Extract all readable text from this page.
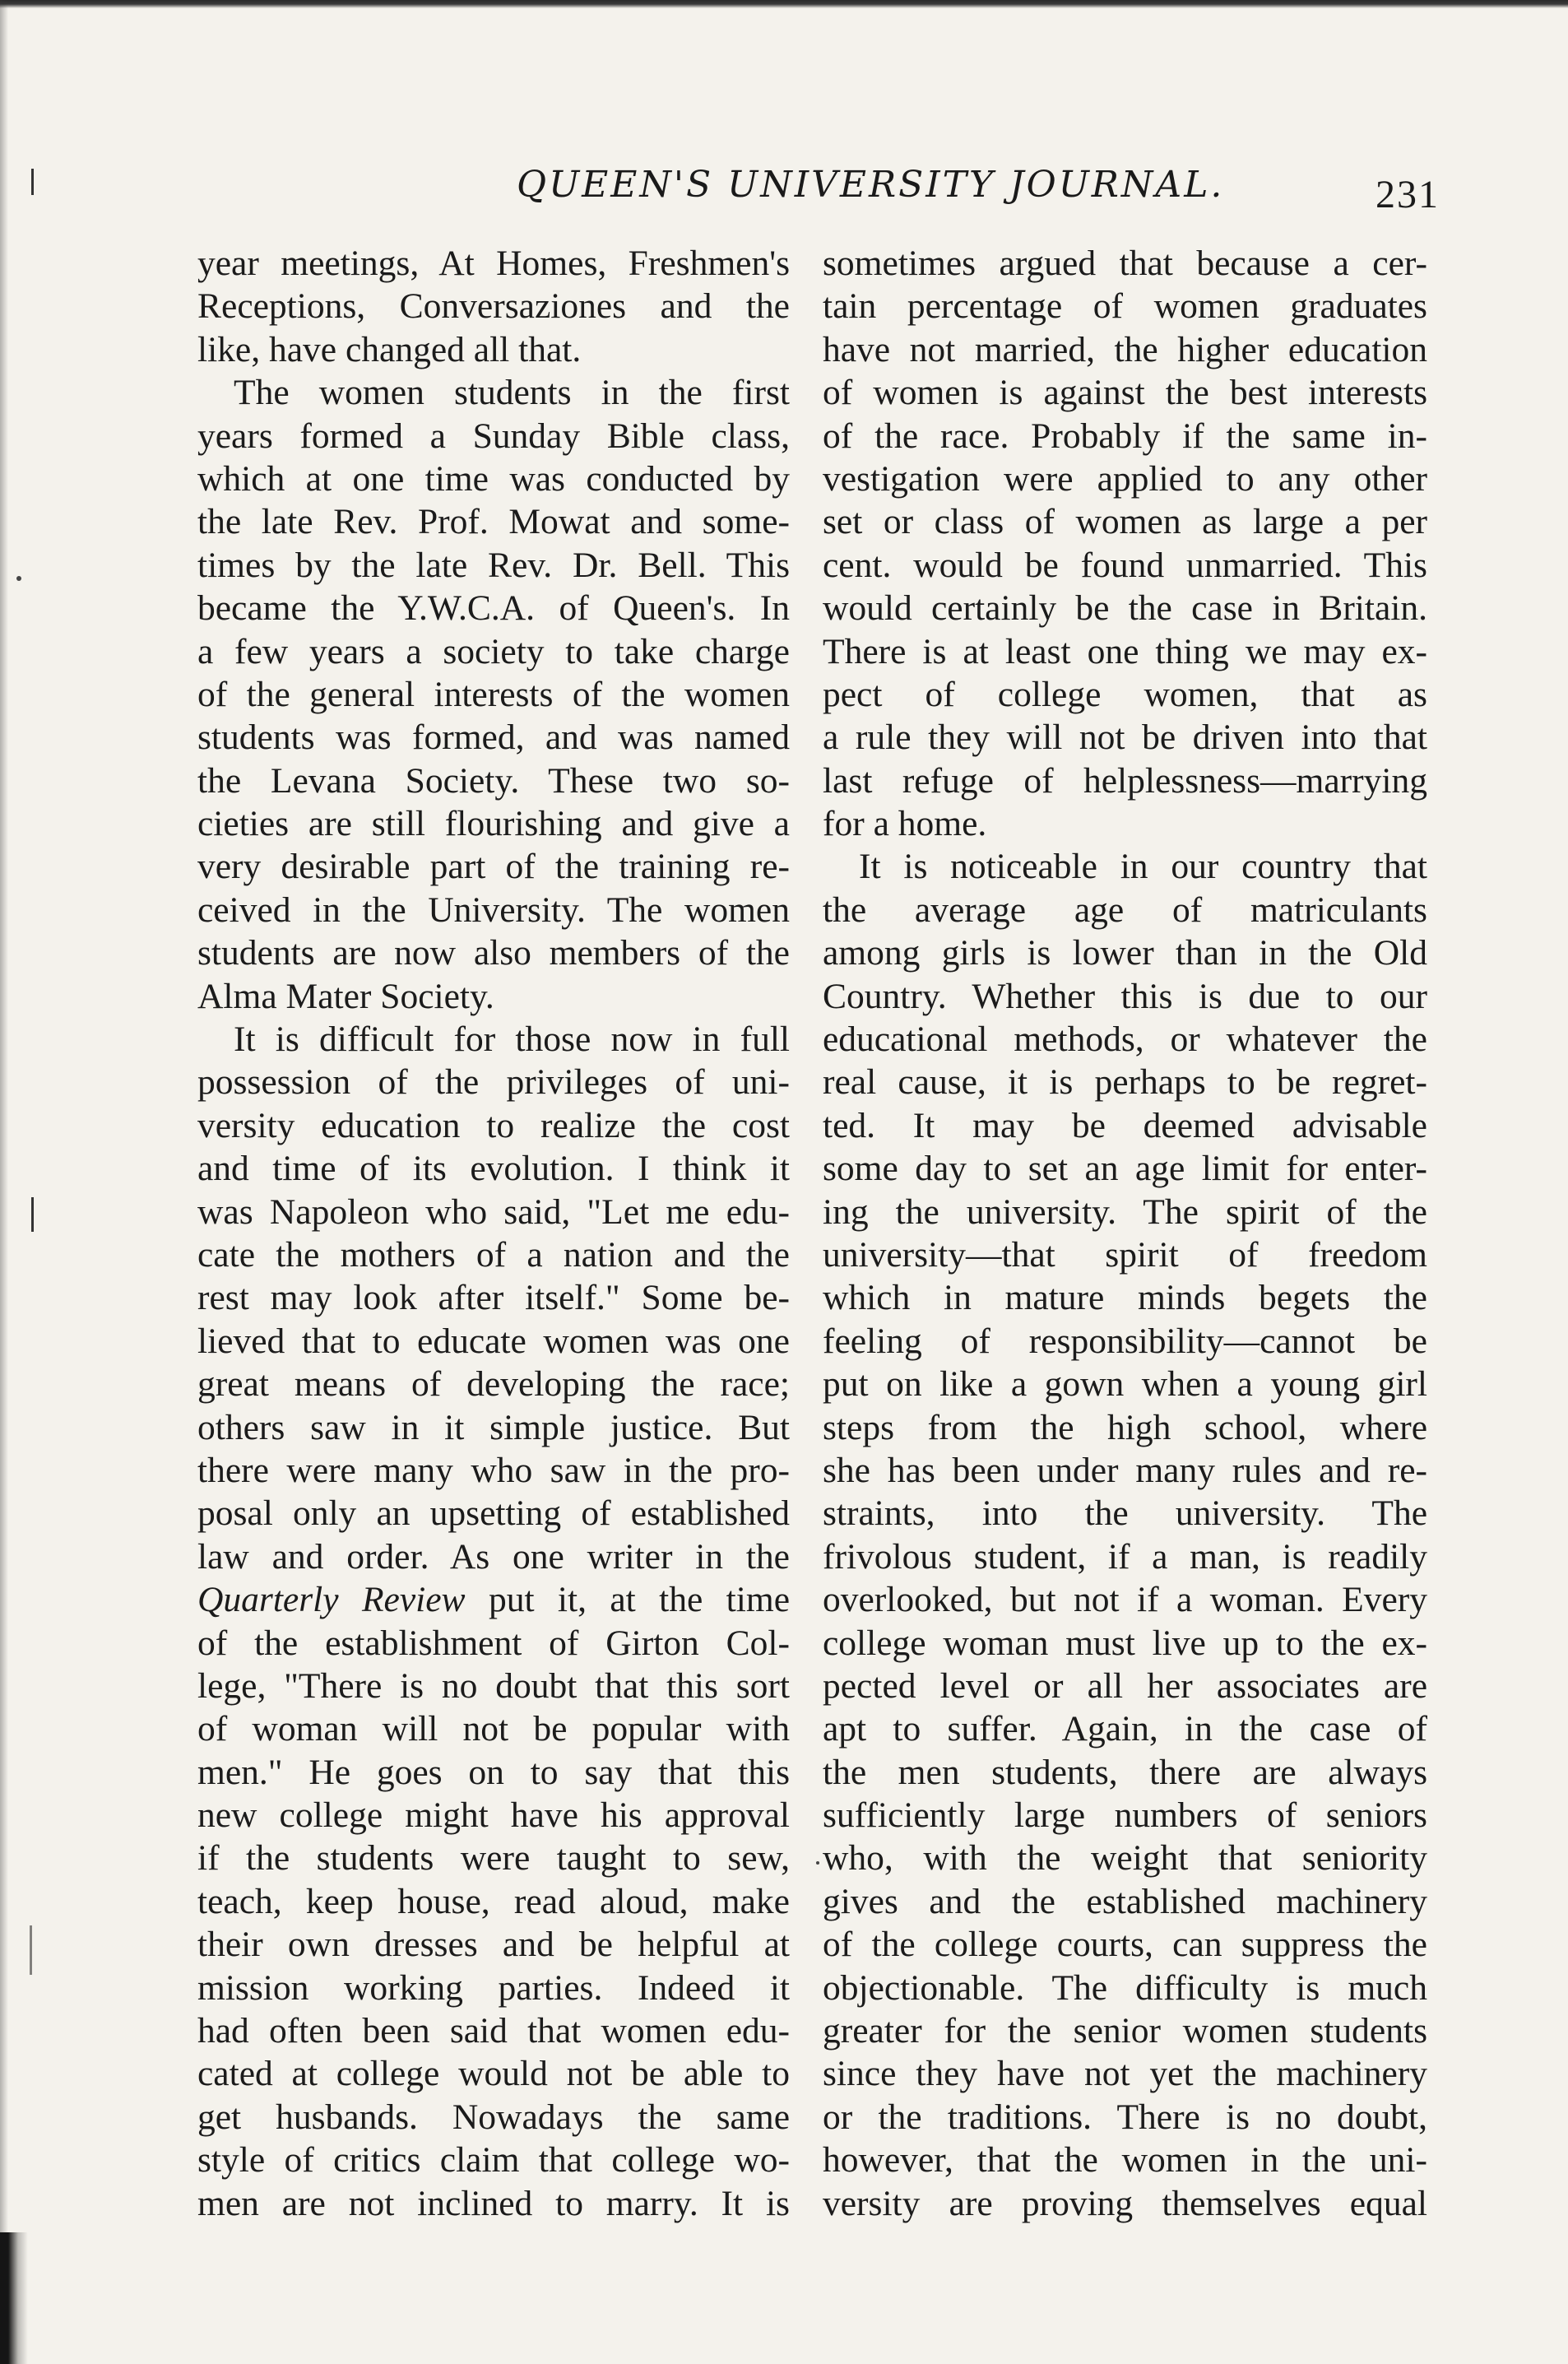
QUEEN'S UNIVERSITY JOURNAL.	231
year meetings, At Homes, Freshmen's
Receptions, Conversaziones and the
like, have changed all that.
The women students in the first
years formed a Sunday Bible class,
which at one time was conducted by
the late Rev. Prof. Mowat and some-
times by the late Rev. Dr. Bell. This
became the Y.W.C.A. of Queen's. In
a few years a society to take charge
of the general interests of the women
students was formed, and was named
the Levana Society. These two so-
cieties are still flourishing and give a
very desirable part of the training re-
ceived in the University. The women
students are now also members of the
Alma Mater Society.
It is difficult for those now in full
possession of the privileges of uni-
versity education to realize the cost
and time of its evolution. I think it
was Napoleon who said, "Let me edu-
cate the mothers of a nation and the
rest may look after itself." Some be-
lieved that to educate women was one
great means of developing the race;
others saw in it simple justice. But
there were many who saw in the pro-
posal only an upsetting of established
law and order. As one writer in the
Quarterly Review put it, at the time
of the establishment of Girton Col-
lege, "There is no doubt that this sort
of woman will not be popular with
men." He goes on to say that this
new college might have his approval
if the students were taught to sew,
teach, keep house, read aloud, make
their own dresses and be helpful at
mission working parties. Indeed it
had often been said that women edu-
cated at college would not be able to
get husbands. Nowadays the same
style of critics claim that college wo-
men are not inclined to marry. It is
sometimes argued that because a cer-
tain percentage of women graduates
have not married, the higher education
of women is against the best interests
of the race. Probably if the same in-
vestigation were applied to any other
set or class of women as large a per
cent. would be found unmarried. This
would certainly be the case in Britain.
There is at least one thing we may ex-
pect of college women, that as
a rule they will not be driven into that
last refuge of helplessness—marrying
for a home.
It is noticeable in our country that
the average age of matriculants
among girls is lower than in the Old
Country. Whether this is due to our
educational methods, or whatever the
real cause, it is perhaps to be regret-
ted. It may be deemed advisable
some day to set an age limit for enter-
ing the university. The spirit of the
university—that spirit of freedom
which in mature minds begets the
feeling of responsibility—cannot be
put on like a gown when a young girl
steps from the high school, where
she has been under many rules and re-
straints, into the university. The
frivolous student, if a man, is readily
overlooked, but not if a woman. Every
college woman must live up to the ex-
pected level or all her associates are
apt to suffer. Again, in the case of
the men students, there are always
sufficiently large numbers of seniors
who, with the weight that seniority
gives and the established machinery
of the college courts, can suppress the
objectionable. The difficulty is much
greater for the senior women students
since they have not yet the machinery
or the traditions. There is no doubt,
however, that the women in the uni-
versity are proving themselves equal
